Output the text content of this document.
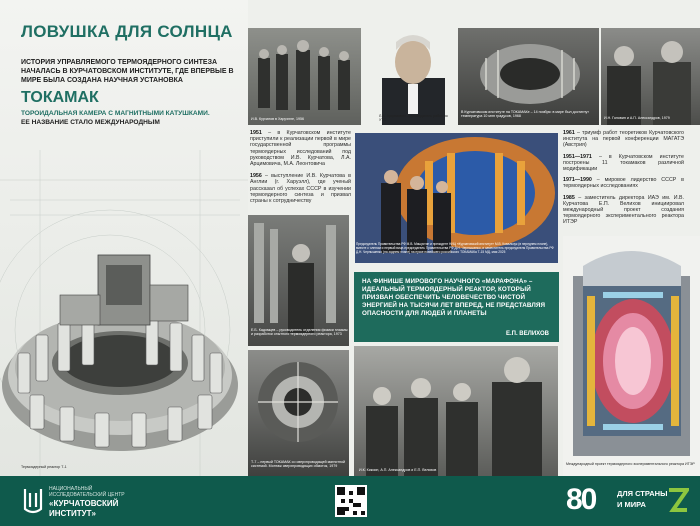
ЛОВУШКА ДЛЯ СОЛНЦА
ИСТОРИЯ УПРАВЛЯЕМОГО ТЕРМОЯДЕРНОГО СИНТЕЗА НАЧАЛАСЬ В КУРЧАТОВСКОМ ИНСТИТУТЕ, ГДЕ ВПЕРВЫЕ В МИРЕ БЫЛА СОЗДАНА НАУЧНАЯ УСТАНОВКА
ТОКАМАК
ТОРОИДАЛЬНАЯ КАМЕРА С МАГНИТНЫМИ КАТУШКАМИ.
ЕЕ НАЗВАНИЕ СТАЛО МЕЖДУНАРОДНЫМ
Термоядерный реактор Т-1
И.В. Курчатов в Харуэлле, 1956
Л.А. Арцимович – руководитель работ по УТС
В Курчатовском институте на ТОКАМАКе – 14 ноября: в мире был достигнут температура 10 млн градусов, 1968	И.Н. Головин и А.П. Александров, 1979
1951 – в Курчатовском институте приступили к реализации первой в мире государственной программы термоядерных исследований под руководством И.В. Курчатова, Л.А. Арцимовича, М.А. Леонтовича
1956 – выступление И.В. Курчатова в Англии (г. Харуэлл), где ученый рассказал об успехах СССР в изучении термоядерного синтеза и призвал страны к сотрудничеству
Председатель Правительства РФ М.В. Мишустин и президент НИЦ «Курчатовский институт» М.В. Ковальчук (в переднем плане), вместе с членом и первый вице-председатель Правительства РФ Д.Н. Чернышенко, и заместитель председателя Правительства РФ Д.Н. Чернышенко (на заднем плане) на пуске новейшего российского ТОКАМАКа Т-15 МД, мая 2025
1961 – триумф работ теоретиков Курчатовского института на первой конференции МАГАТЭ (Австрия)
1951—1971 – в Курчатовском институте построены 11 токамаков различной модификации
1971—1990 – мировое лидерство СССР в термоядерных исследованиях
1985 – заместитель директора ИАЭ им. И.В. Курчатова Е.П. Велихов инициировал международный проект создания термоядерного экспериментального реактора ИТЭР
Е.Б. Кадомцев – руководитель отделения физики плазмы и разработки опытного термоядерного реактора, 1973
Т-7 – первый ТОКАМАК со сверхпроводящей магнитной системой. Монтаж сверхпроводящих обмоток, 1979
НА ФИНИШЕ МИРОВОГО НАУЧНОГО «МАРАФОНА» – ИДЕАЛЬНЫЙ ТЕРМОЯДЕРНЫЙ РЕАКТОР, КОТОРЫЙ ПРИЗВАН ОБЕСПЕЧИТЬ ЧЕЛОВЕЧЕСТВО ЧИСТОЙ ЭНЕРГИЕЙ НА ТЫСЯЧИ ЛЕТ ВПЕРЕД, НЕ ПРЕДСТАВЛЯЯ ОПАСНОСТИ ДЛЯ ЛЮДЕЙ И ПЛАНЕТЫ
Е.П. ВЕЛИХОВ
И.К. Кикоин, А.П. Александров и Е.П. Велихов
Международный проект термоядерного экспериментального реактора ИТЭР
НАЦИОНАЛЬНЫЙ
ИССЛЕДОВАТЕЛЬСКИЙ ЦЕНТР
«КУРЧАТОВСКИЙ
ИНСТИТУТ»	80	ДЛЯ СТРАНЫ
И МИРА
